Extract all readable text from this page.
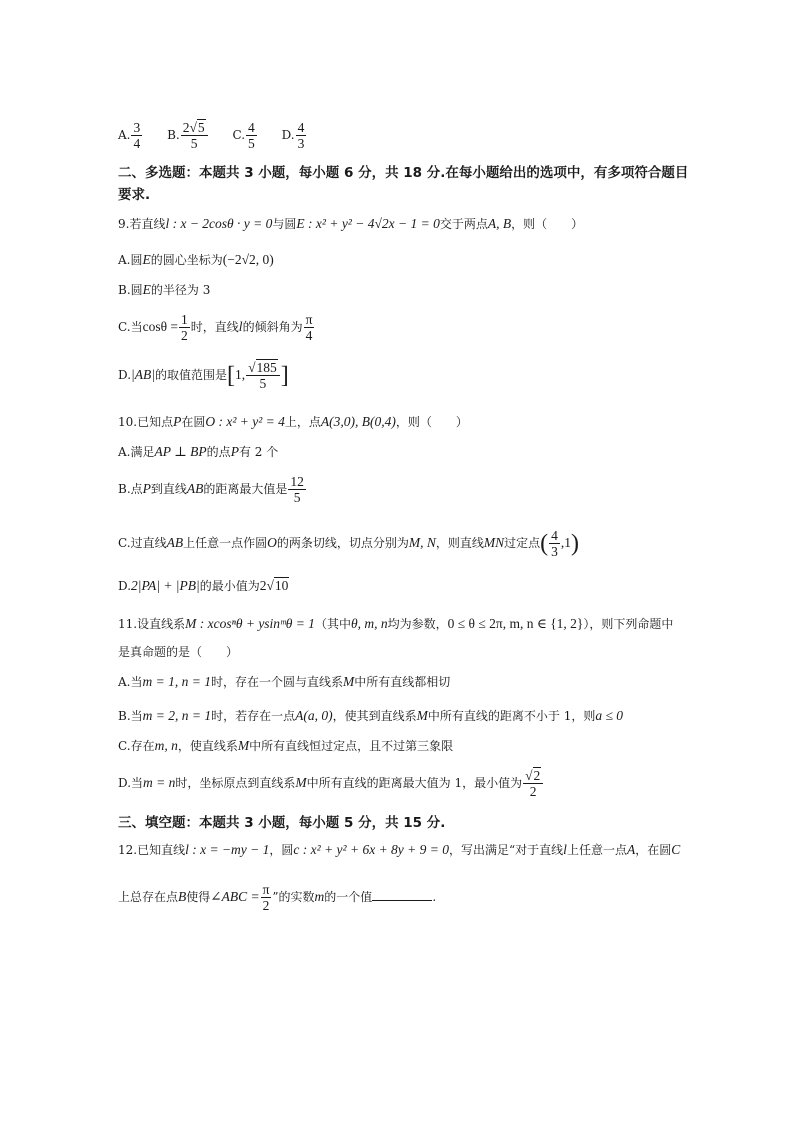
A. $\frac{3}{4} B$. $\frac{2√5}{5} C$. $\frac{4}{5} D$. $\frac{4}{3}$
二、多选题：本题共 3 小题，每小题 6 分，共 18 分.在每小题给出的选项中，有多项符合题目
要求.
9.若直线l : x − 2cosθ · y = 0与圆E : x² + y² − 4√2x − 1 = 0交于两点A, B，则（　　）
A.圆E的圆心坐标为(−2√2, 0)
B.圆E的半径为 3
C.当$\cos\theta = \frac{1}{2}$ 时，直线l的倾斜角为 $\frac{\pi}{4}$
D.|AB|的取值范围是[1, $\frac{√185}{5}$ ]
10.已知点P在圆O : x² + y² = 4上，点A(3,0), B(0,4)，则（　　）
A.满足AP ⊥ BP的点P有 2 个
B.点P到直线AB的距离最大值是 $\frac{12}{5}$
C.过直线AB上任意一点作圆O的两条切线，切点分别为M, N，则直线MN过定点( $\frac{4}{3} ,1$)
D.2|PA| + |PB|的最小值为2√10
11.设直线系M : xcosⁿθ + ysinᵐθ = 1（其中θ, m, n均为参数，0 ≤ θ ≤ 2π, m, n ∈ {1, 2}），则下列命题中
是真命题的是（　　）
A.当m = 1, n = 1时，存在一个圆与直线系M中所有直线都相切
B.当m = 2, n = 1时，若存在一点A(a, 0)，使其到直线系M中所有直线的距离不小于 1，则a ≤ 0
C.存在m, n，使直线系M中所有直线恒过定点，且不过第三象限
D.当m = n时，坐标原点到直线系M中所有直线的距离最大值为 1，最小值为 $\frac{√2}{2}$
三、填空题：本题共 3 小题，每小题 5 分，共 15 分.
12.已知直线l : x = −my − 1，圆c : x² + y² + 6x + 8y + 9 = 0，写出满足“对于直线l上任意一点A，在圆C
上总存在点B使得∠ABC = $\frac{\pi}{2}$ ”的实数m的一个值	.
